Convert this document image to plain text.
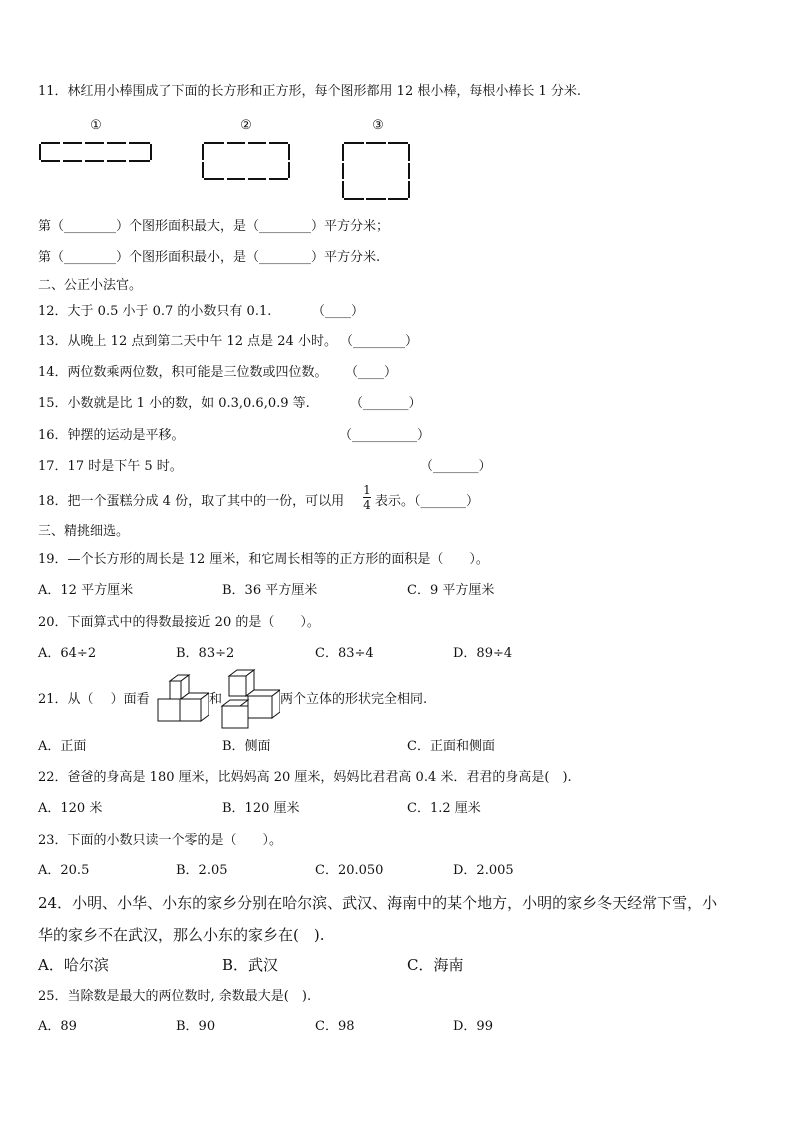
11．林红用小棒围成了下面的长方形和正方形，每个图形都用 12 根小棒，每根小棒长 1 分米.
①	②	③
第（________）个图形面积最大，是（________）平方分米；
第（________）个图形面积最小，是（________）平方分米.
二、公正小法官。
12．大于 0.5 小于 0.7 的小数只有 0.1.	（____）
13．从晚上 12 点到第二天中午 12 点是 24 小时。 （________）
14．两位数乘两位数，积可能是三位数或四位数。 （____）
15．小数就是比 1 小的数，如 0.3,0.6,0.9 等.	（_______）
16．钟摆的运动是平移。	（__________）
17．17 时是下午 5 时。	（_______）
18．把一个蛋糕分成 4 份，取了其中的一份，可以用
1
4 表示。（_______）
三、精挑细选。
19．—个长方形的周长是 12 厘米，和它周长相等的正方形的面积是（　　）。
A．12 平方厘米	B．36 平方厘米	C．9 平方厘米
20．下面算式中的得数最接近 20 的是（　　）。
A．64÷2	B．83÷2	C．83÷4	D．89÷4
21．从（　 ）面看	和	两个立体的形状完全相同.
A．正面	B．侧面	C．正面和侧面
22．爸爸的身高是 180 厘米，比妈妈高 20 厘米，妈妈比君君高 0.4 米．君君的身高是(　).
A．120 米	B．120 厘米	C．1.2 厘米
23．下面的小数只读一个零的是（　　）。
A．20.5	B．2.05	C．20.050	D．2.005
24．小明、小华、小东的家乡分别在哈尔滨、武汉、海南中的某个地方，小明的家乡冬天经常下雪，小
华的家乡不在武汉，那么小东的家乡在(　).
A．哈尔滨	B．武汉	C．海南
25．当除数是最大的两位数时, 余数最大是(　).
A．89	B．90	C．98	D．99
